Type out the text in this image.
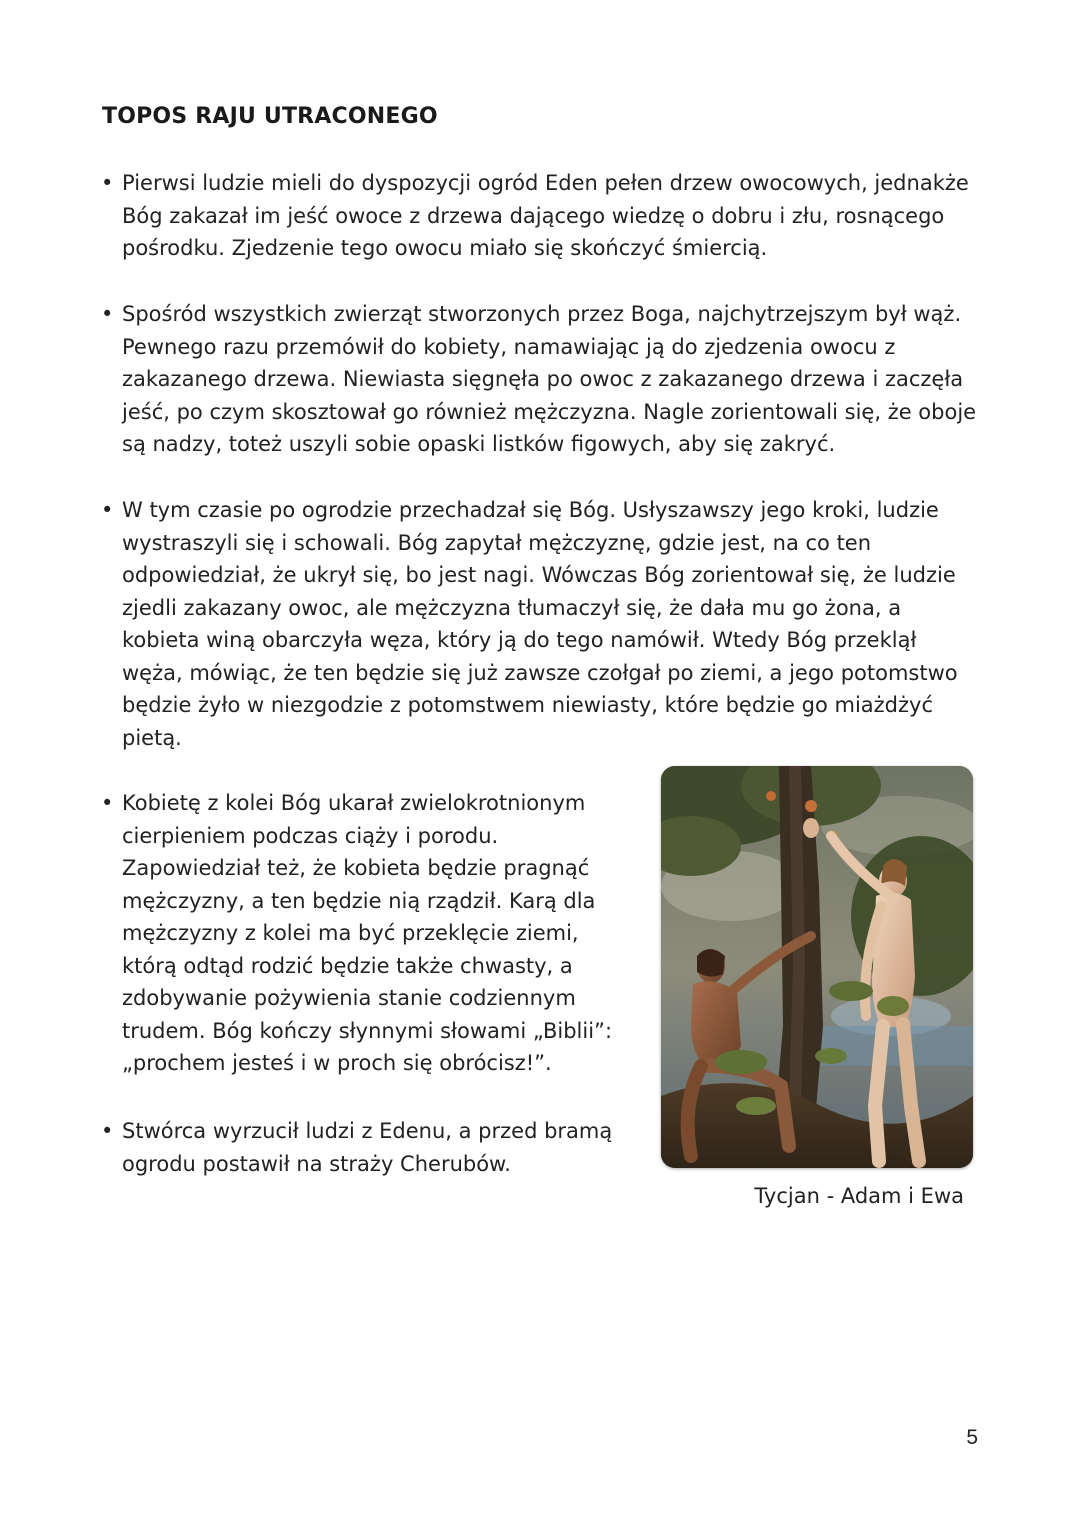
TOPOS RAJU UTRACONEGO
• Pierwsi ludzie mieli do dyspozycji ogród Eden pełen drzew owocowych, jednakże Bóg zakazał im jeść owoce z drzewa dającego wiedzę o dobru i złu, rosnącego pośrodku. Zjedzenie tego owocu miało się skończyć śmiercią.
• Spośród wszystkich zwierząt stworzonych przez Boga, najchytrzejszym był wąż. Pewnego razu przemówił do kobiety, namawiając ją do zjedzenia owocu z zakazanego drzewa. Niewiasta sięgnęła po owoc z zakazanego drzewa i zaczęła jeść, po czym skosztował go również mężczyzna. Nagle zorientowali się, że oboje są nadzy, toteż uszyli sobie opaski listków figowych, aby się zakryć.
• W tym czasie po ogrodzie przechadzał się Bóg. Usłyszawszy jego kroki, ludzie wystraszyli się i schowali. Bóg zapytał mężczyznę, gdzie jest, na co ten odpowiedział, że ukrył się, bo jest nagi. Wówczas Bóg zorientował się, że ludzie zjedli zakazany owoc, ale mężczyzna tłumaczył się, że dała mu go żona, a kobieta winą obarczyła węza, który ją do tego namówił. Wtedy Bóg przeklął węża, mówiąc, że ten będzie się już zawsze czołgał po ziemi, a jego potomstwo będzie żyło w niezgodzie z potomstwem niewiasty, które będzie go miażdżyć pietą.
• Kobietę z kolei Bóg ukarał zwielokrotnionym cierpieniem podczas ciąży i porodu. Zapowiedział też, że kobieta będzie pragnąć mężczyzny, a ten będzie nią rządził. Karą dla mężczyzny z kolei ma być przeklęcie ziemi, którą odtąd rodzić będzie także chwasty, a zdobywanie pożywienia stanie codziennym trudem. Bóg kończy słynnymi słowami „Biblii”: „prochem jesteś i w proch się obrócisz!”.
• Stwórca wyrzucił ludzi z Edenu, a przed bramą ogrodu postawił na straży Cherubów.
Tycjan - Adam i Ewa
5
